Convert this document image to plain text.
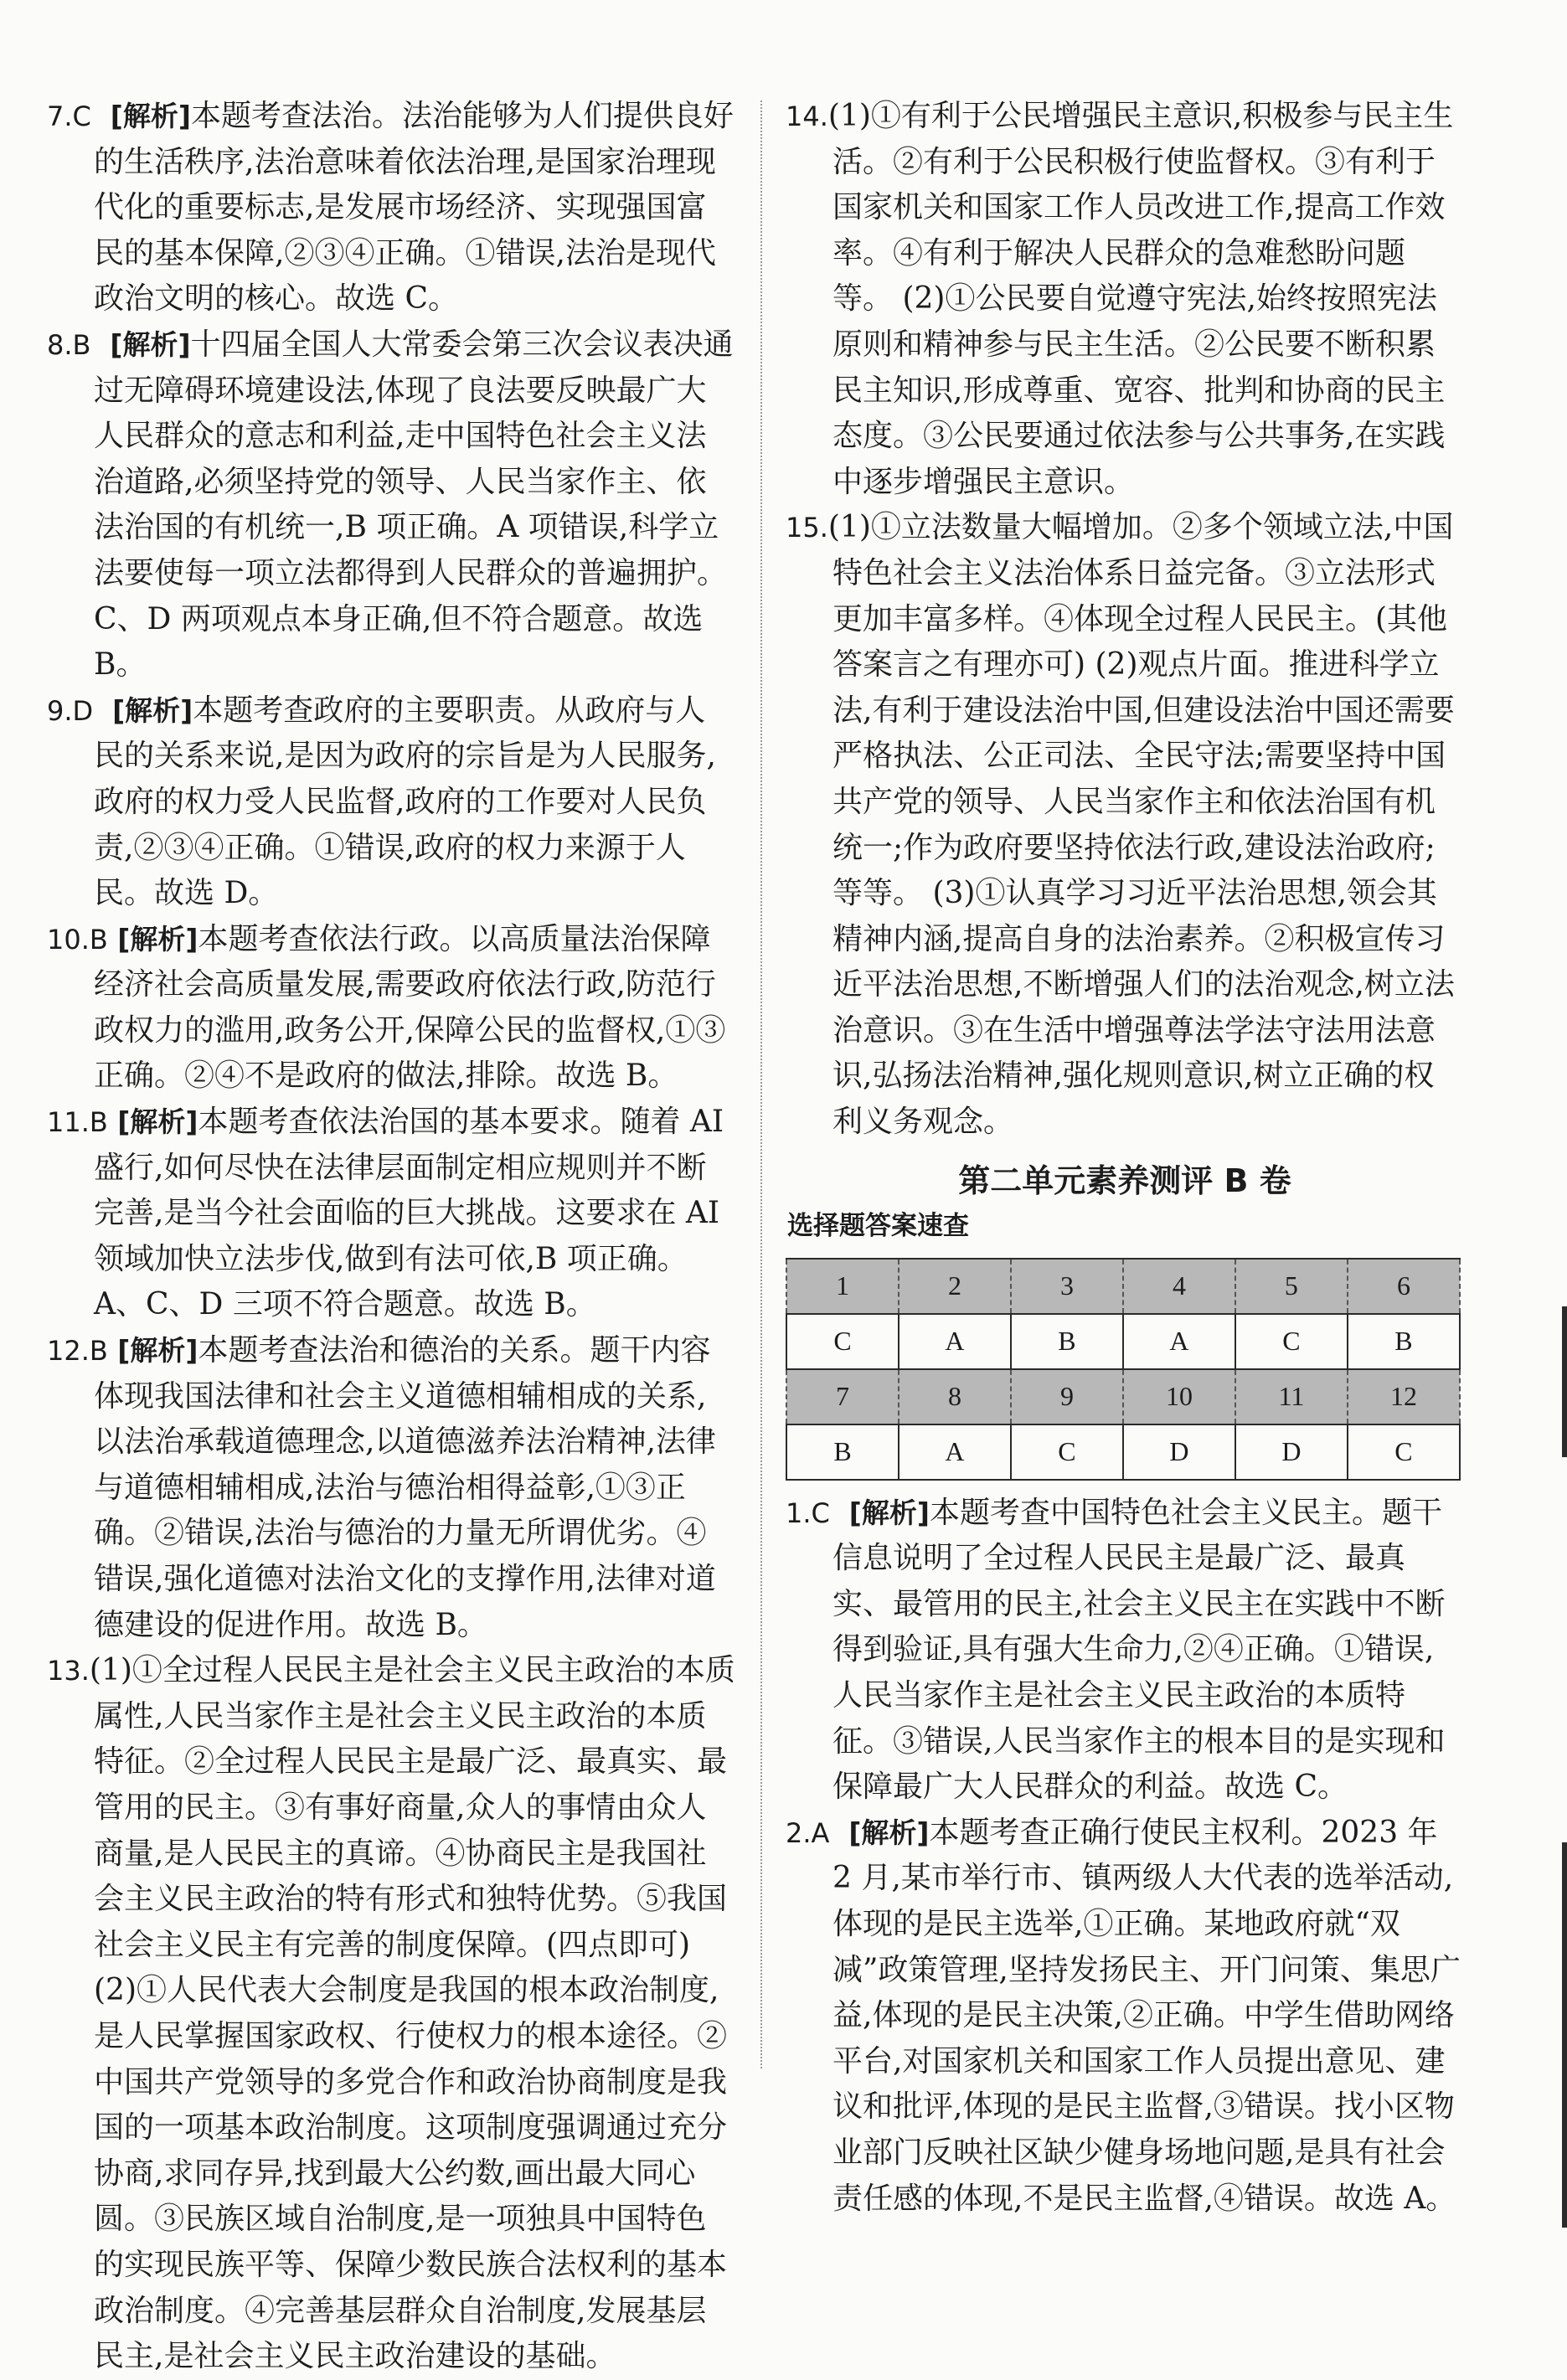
7.C [解析]本题考查法治。法治能够为人们提供良好的生活秩序,法治意味着依法治理,是国家治理现代化的重要标志,是发展市场经济、实现强国富民的基本保障,②③④正确。①错误,法治是现代政治文明的核心。故选 C。

8.B [解析]十四届全国人大常委会第三次会议表决通过无障碍环境建设法,体现了良法要反映最广大人民群众的意志和利益,走中国特色社会主义法治道路,必须坚持党的领导、人民当家作主、依法治国的有机统一,B 项正确。A 项错误,科学立法要使每一项立法都得到人民群众的普遍拥护。C、D 两项观点本身正确,但不符合题意。故选 B。

9.D [解析]本题考查政府的主要职责。从政府与人民的关系来说,是因为政府的宗旨是为人民服务,政府的权力受人民监督,政府的工作要对人民负责,②③④正确。①错误,政府的权力来源于人民。故选 D。

10.B [解析]本题考查依法行政。以高质量法治保障经济社会高质量发展,需要政府依法行政,防范行政权力的滥用,政务公开,保障公民的监督权,①③正确。②④不是政府的做法,排除。故选 B。

11.B [解析]本题考查依法治国的基本要求。随着 AI 盛行,如何尽快在法律层面制定相应规则并不断完善,是当今社会面临的巨大挑战。这要求在 AI 领域加快立法步伐,做到有法可依,B 项正确。A、C、D 三项不符合题意。故选 B。

12.B [解析]本题考查法治和德治的关系。题干内容体现我国法律和社会主义道德相辅相成的关系,以法治承载道德理念,以道德滋养法治精神,法律与道德相辅相成,法治与德治相得益彰,①③正确。②错误,法治与德治的力量无所谓优劣。④错误,强化道德对法治文化的支撑作用,法律对道德建设的促进作用。故选 B。

13.(1)①全过程人民民主是社会主义民主政治的本质属性,人民当家作主是社会主义民主政治的本质特征。②全过程人民民主是最广泛、最真实、最管用的民主。③有事好商量,众人的事情由众人商量,是人民民主的真谛。④协商民主是我国社会主义民主政治的特有形式和独特优势。⑤我国社会主义民主有完善的制度保障。(四点即可) (2)①人民代表大会制度是我国的根本政治制度,是人民掌握国家政权、行使权力的根本途径。②中国共产党领导的多党合作和政治协商制度是我国的一项基本政治制度。这项制度强调通过充分协商,求同存异,找到最大公约数,画出最大同心圆。③民族区域自治制度,是一项独具中国特色的实现民族平等、保障少数民族合法权利的基本政治制度。④完善基层群众自治制度,发展基层民主,是社会主义民主政治建设的基础。

14.(1)①有利于公民增强民主意识,积极参与民主生活。②有利于公民积极行使监督权。③有利于国家机关和国家工作人员改进工作,提高工作效率。④有利于解决人民群众的急难愁盼问题等。 (2)①公民要自觉遵守宪法,始终按照宪法原则和精神参与民主生活。②公民要不断积累民主知识,形成尊重、宽容、批判和协商的民主态度。③公民要通过依法参与公共事务,在实践中逐步增强民主意识。

15.(1)①立法数量大幅增加。②多个领域立法,中国特色社会主义法治体系日益完备。③立法形式更加丰富多样。④体现全过程人民民主。(其他答案言之有理亦可) (2)观点片面。推进科学立法,有利于建设法治中国,但建设法治中国还需要严格执法、公正司法、全民守法;需要坚持中国共产党的领导、人民当家作主和依法治国有机统一;作为政府要坚持依法行政,建设法治政府;等等。 (3)①认真学习习近平法治思想,领会其精神内涵,提高自身的法治素养。②积极宣传习近平法治思想,不断增强人们的法治观念,树立法治意识。③在生活中增强尊法学法守法用法意识,弘扬法治精神,强化规则意识,树立正确的权利义务观念。

第二单元素养测评 B 卷
选择题答案速查
1	2	3	4	5	6
C	A	B	A	C	B
7	8	9	10	11	12
B	A	C	D	D	C

1.C [解析]本题考查中国特色社会主义民主。题干信息说明了全过程人民民主是最广泛、最真实、最管用的民主,社会主义民主在实践中不断得到验证,具有强大生命力,②④正确。①错误,人民当家作主是社会主义民主政治的本质特征。③错误,人民当家作主的根本目的是实现和保障最广大人民群众的利益。故选 C。

2.A [解析]本题考查正确行使民主权利。2023 年 2 月,某市举行市、镇两级人大代表的选举活动,体现的是民主选举,①正确。某地政府就“双减”政策管理,坚持发扬民主、开门问策、集思广益,体现的是民主决策,②正确。中学生借助网络平台,对国家机关和国家工作人员提出意见、建议和批评,体现的是民主监督,③错误。找小区物业部门反映社区缺少健身场地问题,是具有社会责任感的体现,不是民主监督,④错误。故选 A。
